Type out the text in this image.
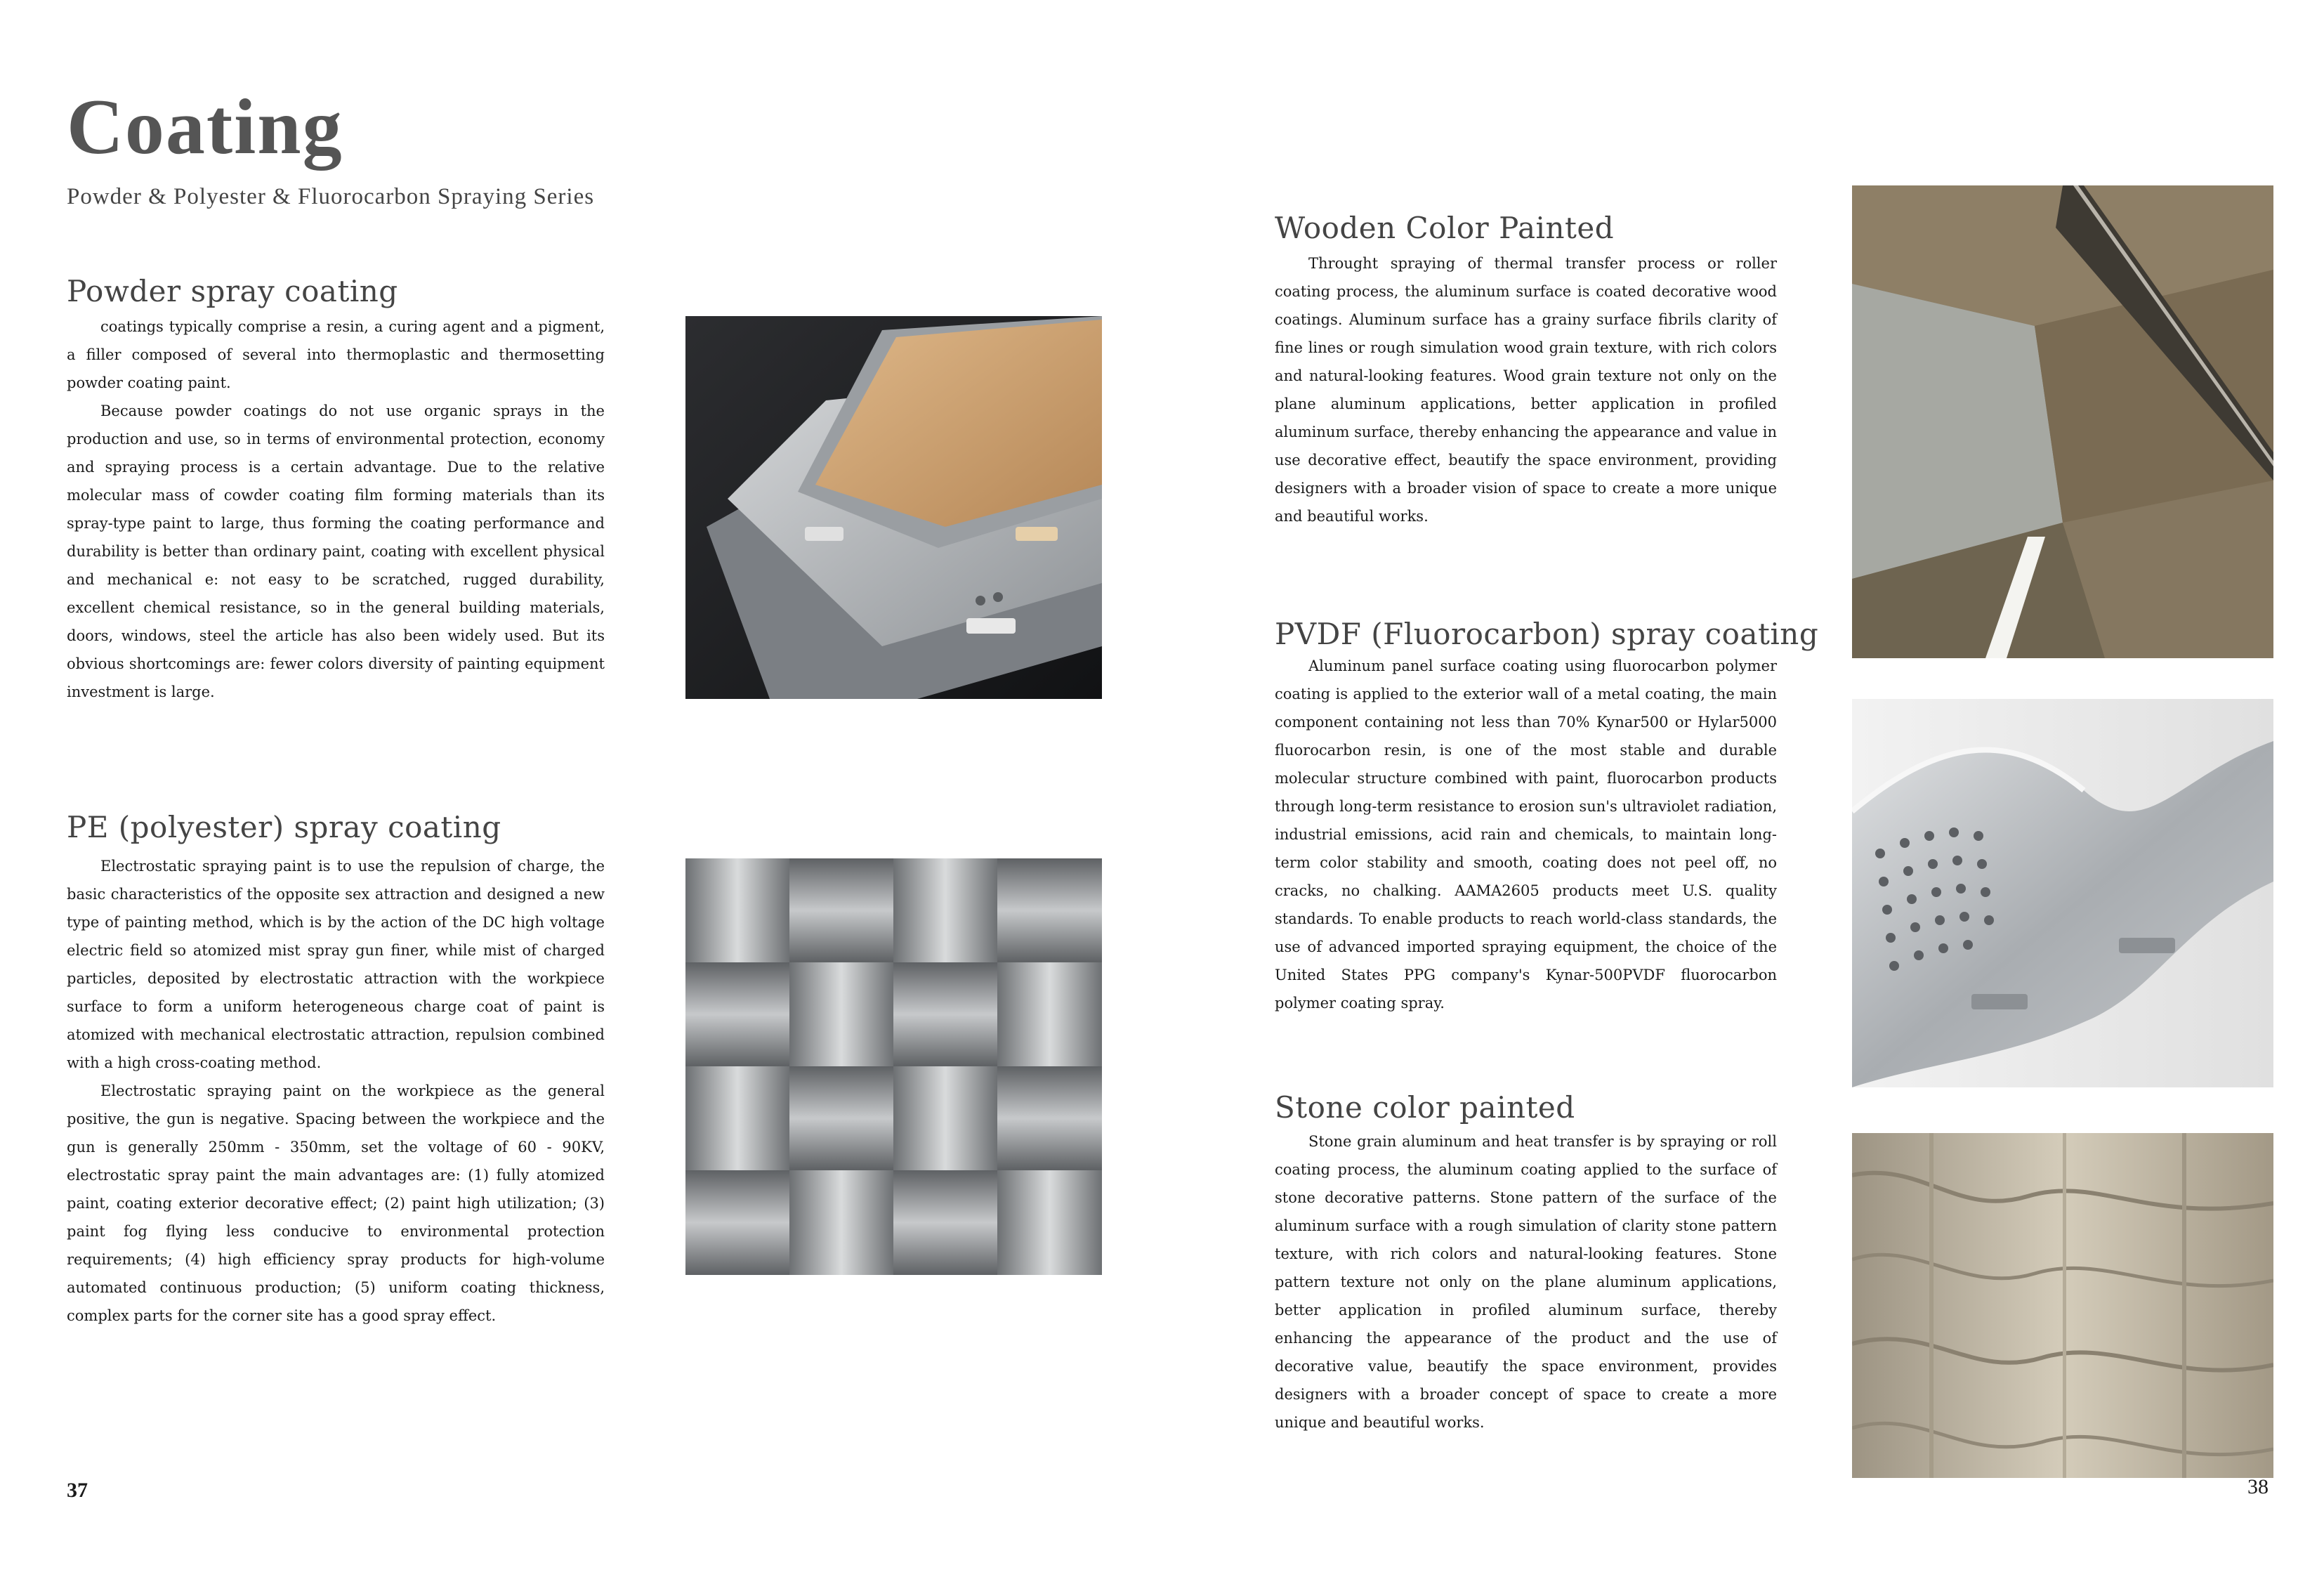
Coating
Powder & Polyester & Fluorocarbon Spraying Series
Powder spray coating

coatings typically comprise a resin, a curing agent and a pigment, a filler composed of several into thermoplastic and thermosetting powder coating paint.

Because powder coatings do not use organic sprays in the production and use, so in terms of environmental protection, economy and spraying process is a certain advantage. Due to the relative molecular mass of cowder coating film forming materials than its spray-type paint to large, thus forming the coating performance and durability is better than ordinary paint, coating with excellent physical and mechanical e: not easy to be scratched, rugged durability, excellent chemical resistance, so in the general building materials, doors, windows, steel the article has also been widely used. But its obvious shortcomings are: fewer colors diversity of painting equipment investment is large.

PE (polyester) spray coating

Electrostatic spraying paint is to use the repulsion of charge, the basic characteristics of the opposite sex attraction and designed a new type of painting method, which is by the action of the DC high voltage electric field so atomized mist spray gun finer, while mist of charged particles, deposited by electrostatic attraction with the workpiece surface to form a uniform heterogeneous charge coat of paint is atomized with mechanical electrostatic attraction, repulsion combined with a high cross-coating method.

Electrostatic spraying paint on the workpiece as the general positive, the gun is negative. Spacing between the workpiece and the gun is generally 250mm - 350mm, set the voltage of 60 - 90KV, electrostatic spray paint the main advantages are: (1) fully atomized paint, coating exterior decorative effect; (2) paint high utilization; (3) paint fog flying less conducive to environmental protection requirements; (4) high efficiency spray products for high-volume automated continuous production; (5) uniform coating thickness, complex parts for the corner site has a good spray effect.

37
Wooden Color Painted

Throught spraying of thermal transfer process or roller coating process, the aluminum surface is coated decorative wood coatings. Aluminum surface has a grainy surface fibrils clarity of fine lines or rough simulation wood grain texture, with rich colors and natural-looking features. Wood grain texture not only on the plane aluminum applications, better application in profiled aluminum surface, thereby enhancing the appearance and value in use decorative effect, beautify the space environment, providing designers with a broader vision of space to create a more unique and beautiful works.

PVDF (Fluorocarbon) spray coating

Aluminum panel surface coating using fluorocarbon polymer coating is applied to the exterior wall of a metal coating, the main component containing not less than 70% Kynar500 or Hylar5000 fluorocarbon resin, is one of the most stable and durable molecular structure combined with paint, fluorocarbon products through long-term resistance to erosion sun's ultraviolet radiation, industrial emissions, acid rain and chemicals, to maintain long-term color stability and smooth, coating does not peel off, no cracks, no chalking. AAMA2605 products meet U.S. quality standards. To enable products to reach world-class standards, the use of advanced imported spraying equipment, the choice of the United States PPG company's Kynar-500PVDF fluorocarbon polymer coating spray.

Stone color painted

Stone grain aluminum and heat transfer is by spraying or roll coating process, the aluminum coating applied to the surface of stone decorative patterns. Stone pattern of the surface of the aluminum surface with a rough simulation of clarity stone pattern texture, with rich colors and natural-looking features. Stone pattern texture not only on the plane aluminum applications, better application in profiled aluminum surface, thereby enhancing the appearance of the product and the use of decorative value, beautify the space environment, provides designers with a broader concept of space to create a more unique and beautiful works.

38
